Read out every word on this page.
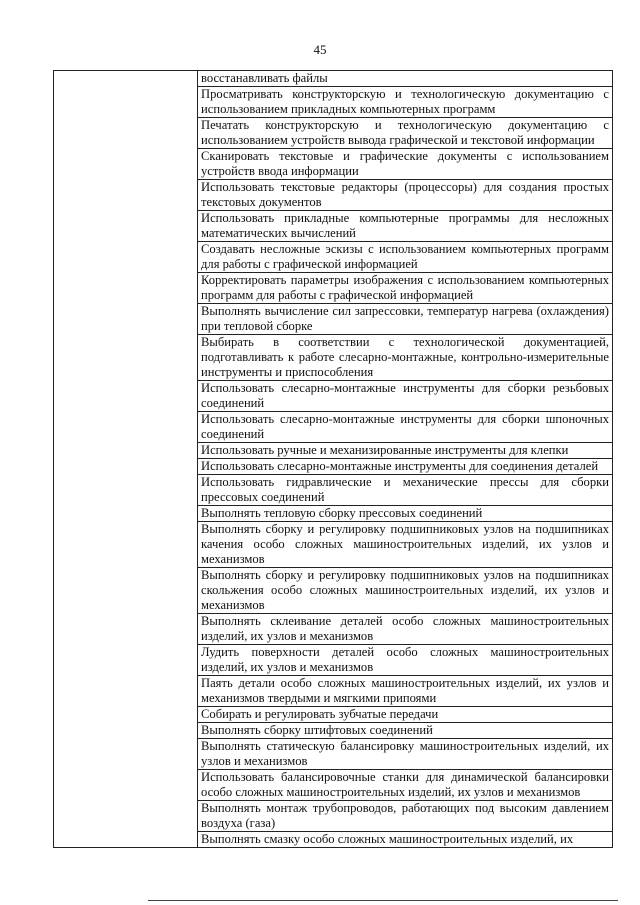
45
восстанавливать файлы
Просматривать конструкторскую и технологическую документацию с использованием прикладных компьютерных программ
Печатать конструкторскую и технологическую документацию с использованием устройств вывода графической и текстовой информации
Сканировать текстовые и графические документы с использованием устройств ввода информации
Использовать текстовые редакторы (процессоры) для создания простых текстовых документов
Использовать прикладные компьютерные программы для несложных математических вычислений
Создавать несложные эскизы с использованием компьютерных программ для работы с графической информацией
Корректировать параметры изображения с использованием компьютерных программ для работы с графической информацией
Выполнять вычисление сил запрессовки, температур нагрева (охлаждения) при тепловой сборке
Выбирать в соответствии с технологической документацией, подготавливать к работе слесарно-монтажные, контрольно-измерительные инструменты и приспособления
Использовать слесарно-монтажные инструменты для сборки резьбовых соединений
Использовать слесарно-монтажные инструменты для сборки шпоночных соединений
Использовать ручные и механизированные инструменты для клепки
Использовать слесарно-монтажные инструменты для соединения деталей
Использовать гидравлические и механические прессы для сборки прессовых соединений
Выполнять тепловую сборку прессовых соединений
Выполнять сборку и регулировку подшипниковых узлов на подшипниках качения особо сложных машиностроительных изделий, их узлов и механизмов
Выполнять сборку и регулировку подшипниковых узлов на подшипниках скольжения особо сложных машиностроительных изделий, их узлов и механизмов
Выполнять склеивание деталей особо сложных машиностроительных изделий, их узлов и механизмов
Лудить поверхности деталей особо сложных машиностроительных изделий, их узлов и механизмов
Паять детали особо сложных машиностроительных изделий, их узлов и механизмов твердыми и мягкими припоями
Собирать и регулировать зубчатые передачи
Выполнять сборку штифтовых соединений
Выполнять статическую балансировку машиностроительных изделий, их узлов и механизмов
Использовать балансировочные станки для динамической балансировки особо сложных машиностроительных изделий, их узлов и механизмов
Выполнять монтаж трубопроводов, работающих под высоким давлением воздуха (газа)
Выполнять смазку особо сложных машиностроительных изделий, их
